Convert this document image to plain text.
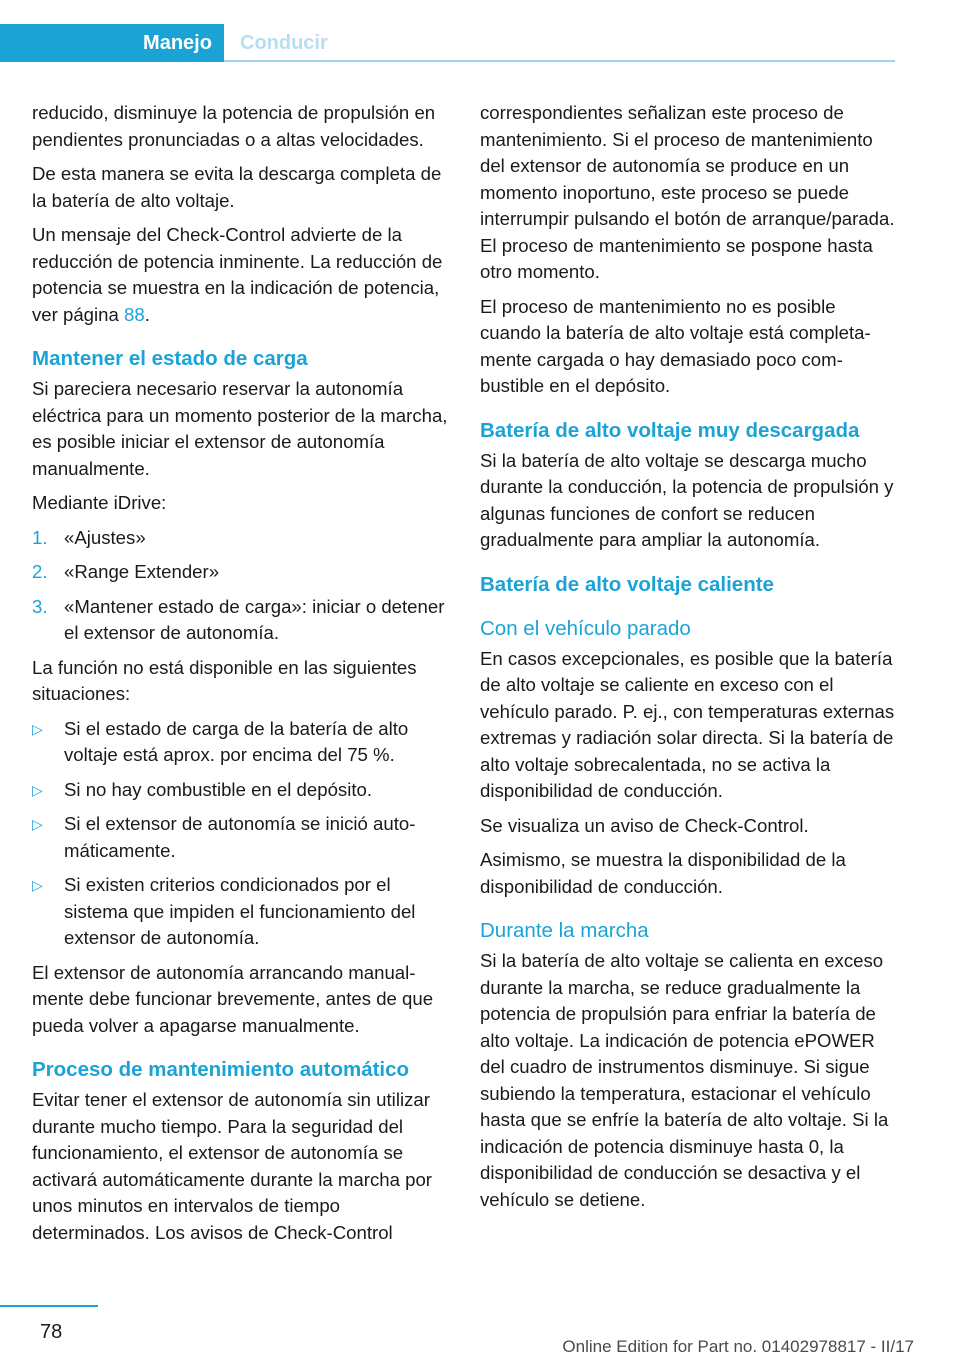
Manejo	Conducir

reducido, disminuye la potencia de propulsión en pendientes pronunciadas o a altas velocidades.

De esta manera se evita la descarga completa de la batería de alto voltaje.

Un mensaje del Check-Control advierte de la reducción de potencia inminente. La reducción de potencia se muestra en la indicación de potencia, ver página 88.

Mantener el estado de carga

Si pareciera necesario reservar la autonomía eléctrica para un momento posterior de la marcha, es posible iniciar el extensor de autonomía manualmente.

Mediante iDrive:

1. «Ajustes»
2. «Range Extender»
3. «Mantener estado de carga»: iniciar o detener el extensor de autonomía.

La función no está disponible en las siguientes situaciones:

▷	Si el estado de carga de la batería de alto voltaje está aprox. por encima del 75 %.
▷	Si no hay combustible en el depósito.
▷	Si el extensor de autonomía se inició automáticamente.
▷	Si existen criterios condicionados por el sistema que impiden el funcionamiento del extensor de autonomía.

El extensor de autonomía arrancando manualmente debe funcionar brevemente, antes de que pueda volver a apagarse manualmente.

Proceso de mantenimiento automático

Evitar tener el extensor de autonomía sin utilizar durante mucho tiempo. Para la seguridad del funcionamiento, el extensor de autonomía se activará automáticamente durante la marcha por unos minutos en intervalos de tiempo determinados. Los avisos de Check-Control

correspondientes señalizan este proceso de mantenimiento. Si el proceso de mantenimiento del extensor de autonomía se produce en un momento inoportuno, este proceso se puede interrumpir pulsando el botón de arranque/parada. El proceso de mantenimiento se pospone hasta otro momento.

El proceso de mantenimiento no es posible cuando la batería de alto voltaje está completamente cargada o hay demasiado poco combustible en el depósito.

Batería de alto voltaje muy descargada

Si la batería de alto voltaje se descarga mucho durante la conducción, la potencia de propulsión y algunas funciones de confort se reducen gradualmente para ampliar la autonomía.

Batería de alto voltaje caliente
Con el vehículo parado

En casos excepcionales, es posible que la batería de alto voltaje se caliente en exceso con el vehículo parado. P. ej., con temperaturas externas extremas y radiación solar directa. Si la batería de alto voltaje sobrecalentada, no se activa la disponibilidad de conducción.

Se visualiza un aviso de Check-Control.

Asimismo, se muestra la disponibilidad de la disponibilidad de conducción.

Durante la marcha

Si la batería de alto voltaje se calienta en exceso durante la marcha, se reduce gradualmente la potencia de propulsión para enfriar la batería de alto voltaje. La indicación de potencia ePOWER del cuadro de instrumentos disminuye. Si sigue subiendo la temperatura, estacionar el vehículo hasta que se enfríe la batería de alto voltaje. Si la indicación de potencia disminuye hasta 0, la disponibilidad de conducción se desactiva y el vehículo se detiene.

78
Online Edition for Part no. 01402978817 - II/17
